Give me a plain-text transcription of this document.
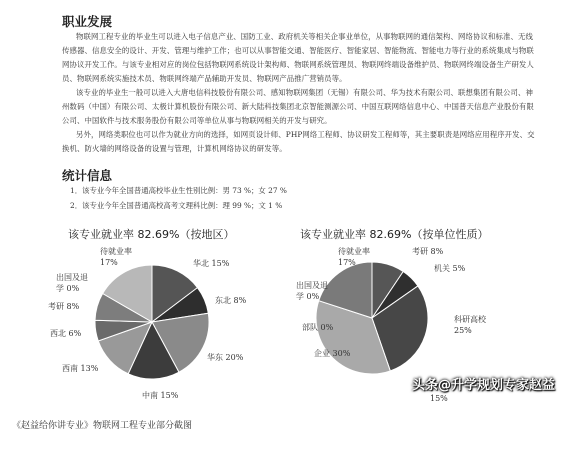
职业发展

物联网工程专业的毕业生可以进入电子信息产业、国防工业、政府机关等相关企事业单位，从事物联网的通信架构、网络协议和标准、无线传感器、信息安全的设计、开发、管理与维护工作；也可以从事智能交通、智能医疗、智能家居、智能物流、智能电力等行业的系统集成与物联网协议开发工作。与该专业相对应的岗位包括物联网系统设计架构师、物联网系统管理员、物联网终端设备维护员、物联网终端设备生产研发人员、物联网系统实施技术员、物联网终端产品辅助开发员、物联网产品推广营销员等。

该专业的毕业生一般可以进入大唐电信科技股份有限公司、感知物联网集团（无锡）有限公司、华为技术有限公司、联想集团有限公司、神州数码（中国）有限公司、太极计算机股份有限公司、新大陆科技集团北京智能测源公司、中国互联网络信息中心、中国普天信息产业股份有限公司、中国软件与技术服务股份有限公司等单位从事与物联网相关的开发与研究。

另外，网络类职位也可以作为就业方向的选择，如网页设计师、PHP网络工程师、协议研发工程师等，其主要职责是网络应用程序开发、交换机、防火墙的网络设备的设置与管理，计算机网络协议的研发等。

统计信息
1．该专业今年全国普通高校毕业生性别比例：男 73 %；女 27 %
2．该专业今年全国普通高校高考文理科比例：理 99 %；文 1 %
该专业就业率 82.69%（按地区）	该专业就业率 82.69%（按单位性质）
华北 15%
东北 8%
华东 20%
中南 15%
西南 13%
西北 6%
考研 8%
出国及退学 0%
待就业率 17%
考研 8%
机关 5%
科研高校 25%
企业 30%
部队 0%
出国及退学 0%
待就业率 17%
15%
头条@升学规划专家赵益
《赵益给你讲专业》物联网工程专业部分截图
